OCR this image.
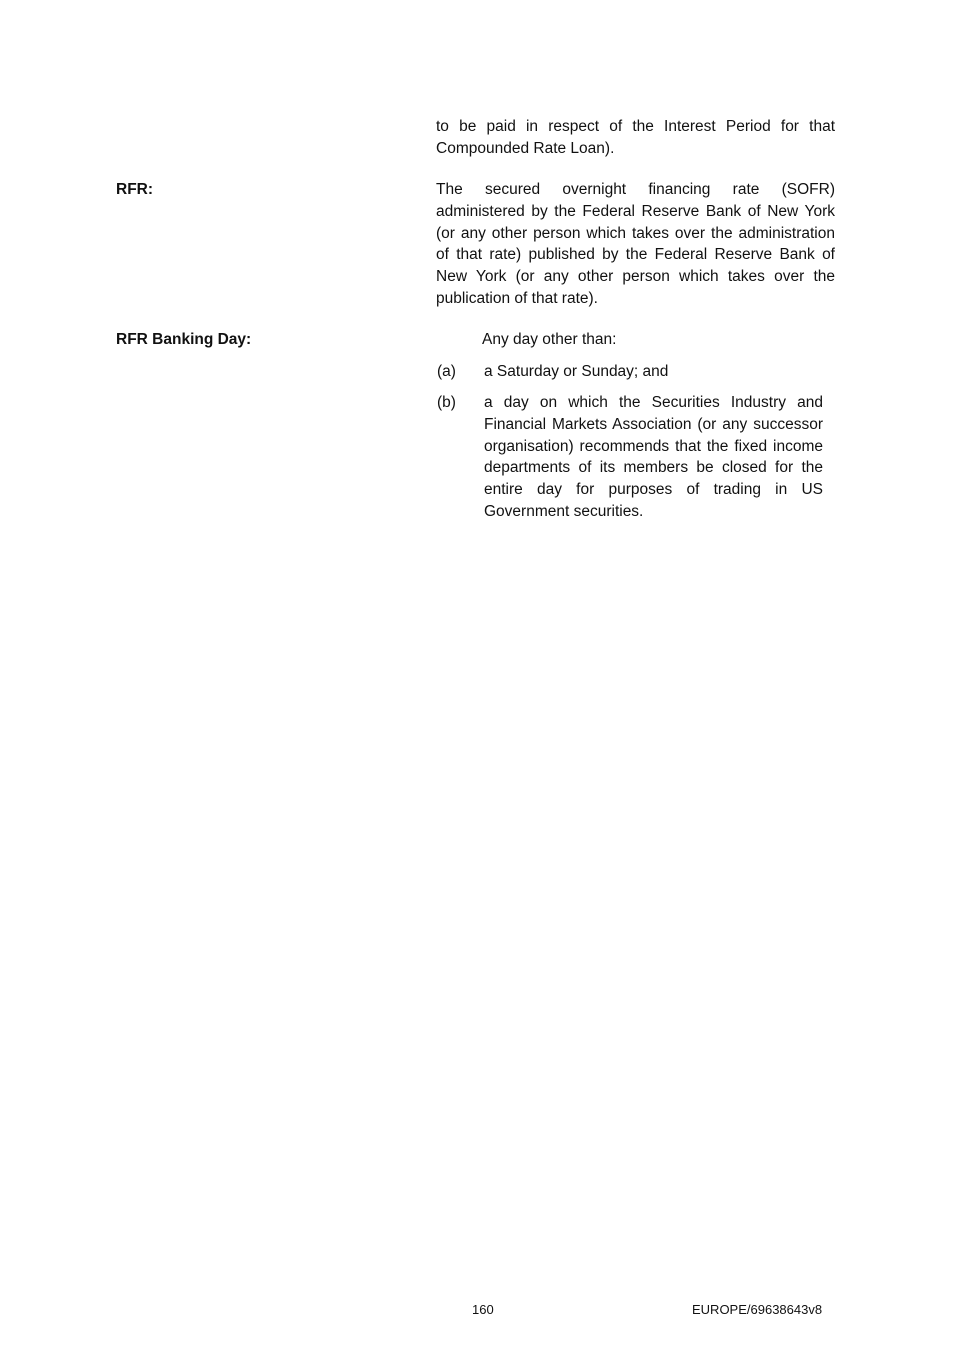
to be paid in respect of the Interest Period for that Compounded Rate Loan).

RFR:	The secured overnight financing rate (SOFR) administered by the Federal Reserve Bank of New York (or any other person which takes over the administration of that rate) published by the Federal Reserve Bank of New York (or any other person which takes over the publication of that rate).

RFR Banking Day:	Any day other than:

(a) a Saturday or Sunday; and

(b) a day on which the Securities Industry and Financial Markets Association (or any successor organisation) recommends that the fixed income departments of its members be closed for the entire day for purposes of trading in US Government securities.

160	EUROPE/69638643v8
